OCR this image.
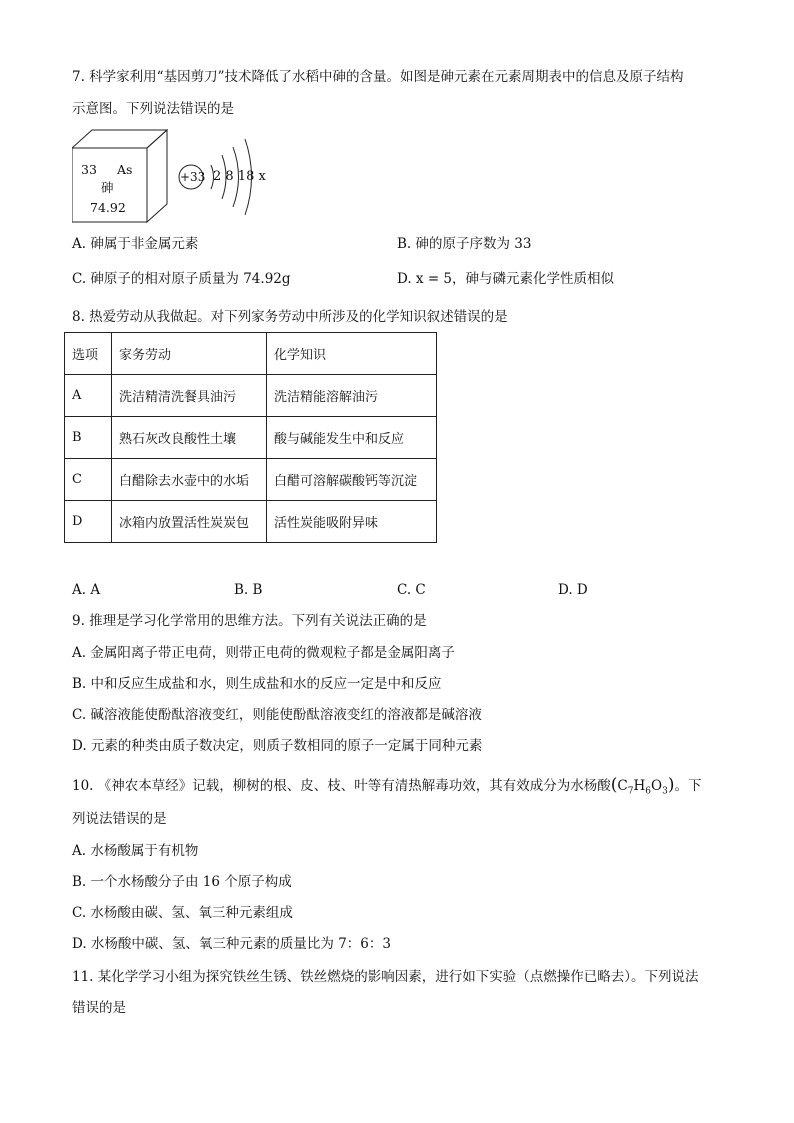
7. 科学家利用“基因剪刀”技术降低了水稻中砷的含量。如图是砷元素在元素周期表中的信息及原子结构
示意图。下列说法错误的是
33 As
砷
74.92
+33 2 8 18 x
A. 砷属于非金属元素	B. 砷的原子序数为 33
C. 砷原子的相对原子质量为 74.92g	D. x = 5，砷与磷元素化学性质相似
8. 热爱劳动从我做起。对下列家务劳动中所涉及的化学知识叙述错误的是
选项	家务劳动	化学知识
A	洗洁精清洗餐具油污	洗洁精能溶解油污
B	熟石灰改良酸性土壤	酸与碱能发生中和反应
C	白醋除去水壶中的水垢	白醋可溶解碳酸钙等沉淀
D	冰箱内放置活性炭炭包	活性炭能吸附异味
A. A	B. B	C. C	D. D
9. 推理是学习化学常用的思维方法。下列有关说法正确的是
A. 金属阳离子带正电荷，则带正电荷的微观粒子都是金属阳离子
B. 中和反应生成盐和水，则生成盐和水的反应一定是中和反应
C. 碱溶液能使酚酞溶液变红，则能使酚酞溶液变红的溶液都是碱溶液
D. 元素的种类由质子数决定，则质子数相同的原子一定属于同种元素
10. 《神农本草经》记载，柳树的根、皮、枝、叶等有清热解毒功效，其有效成分为水杨酸$(C_7H_6O_3)$。下
列说法错误的是
A. 水杨酸属于有机物
B. 一个水杨酸分子由 16 个原子构成
C. 水杨酸由碳、氢、氧三种元素组成
D. 水杨酸中碳、氢、氧三种元素的质量比为 7：6：3
11. 某化学学习小组为探究铁丝生锈、铁丝燃烧的影响因素，进行如下实验（点燃操作已略去）。下列说法
错误的是
